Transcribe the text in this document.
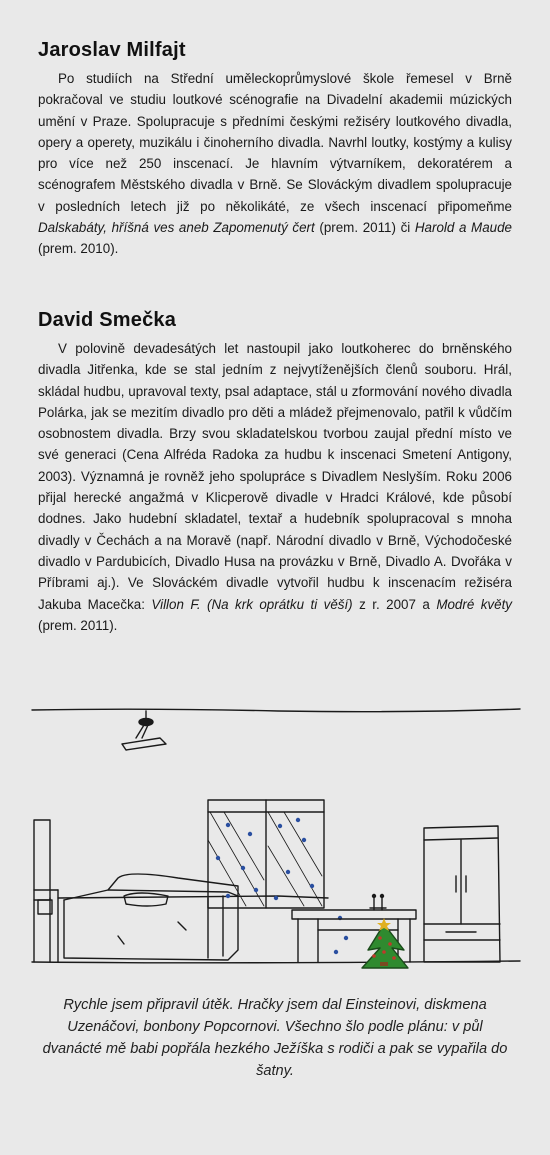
Jaroslav Milfajt

Po studiích na Střední uměleckoprůmyslové škole řemesel v Brně pokračoval ve studiu loutkové scénografie na Divadelní akademii múzických umění v Praze. Spolupracuje s předními českými režiséry loutkového divadla, opery a operety, muzikálu i činoherního divadla. Navrhl loutky, kostýmy a kulisy pro více než 250 inscenací. Je hlavním výtvarníkem, dekoratérem a scénografem Městského divadla v Brně. Se Slováckým divadlem spolupracuje v posledních letech již po několikáté, ze všech inscenací připomeňme Dalskabáty, hříšná ves aneb Zapomenutý čert (prem. 2011) či Harold a Maude (prem. 2010).

David Smečka

V polovině devadesátých let nastoupil jako loutkoherec do brněnského divadla Jitřenka, kde se stal jedním z nejvytíženějších členů souboru. Hrál, skládal hudbu, upravoval texty, psal adaptace, stál u zformování nového divadla Polárka, jak se mezitím divadlo pro děti a mládež přejmenovalo, patřil k vůdčím osobnostem divadla. Brzy svou skladatelskou tvorbou zaujal přední místo ve své generaci (Cena Alfréda Radoka za hudbu k inscenaci Smetení Antigony, 2003). Významná je rovněž jeho spolupráce s Divadlem Neslyším. Roku 2006 přijal herecké angažmá v Klicperově divadle v Hradci Králové, kde působí dodnes. Jako hudební skladatel, textař a hudebník spolupracoval s mnoha divadly v Čechách a na Moravě (např. Národní divadlo v Brně, Východočeské divadlo v Pardubicích, Divadlo Husa na provázku v Brně, Divadlo A. Dvořáka v Příbrami aj.). Ve Slováckém divadle vytvořil hudbu k inscenacím režiséra Jakuba Macečka: Villon F. (Na krk oprátku ti věší) z r. 2007 a Modré květy (prem. 2011).

Rychle jsem připravil útěk. Hračky jsem dal Einsteinovi, diskmena Uzenáčovi, bonbony Popcornovi. Všechno šlo podle plánu: v půl dvanácté mě babi popřála hezkého Ježíška s rodiči a pak se vypařila do šatny.
